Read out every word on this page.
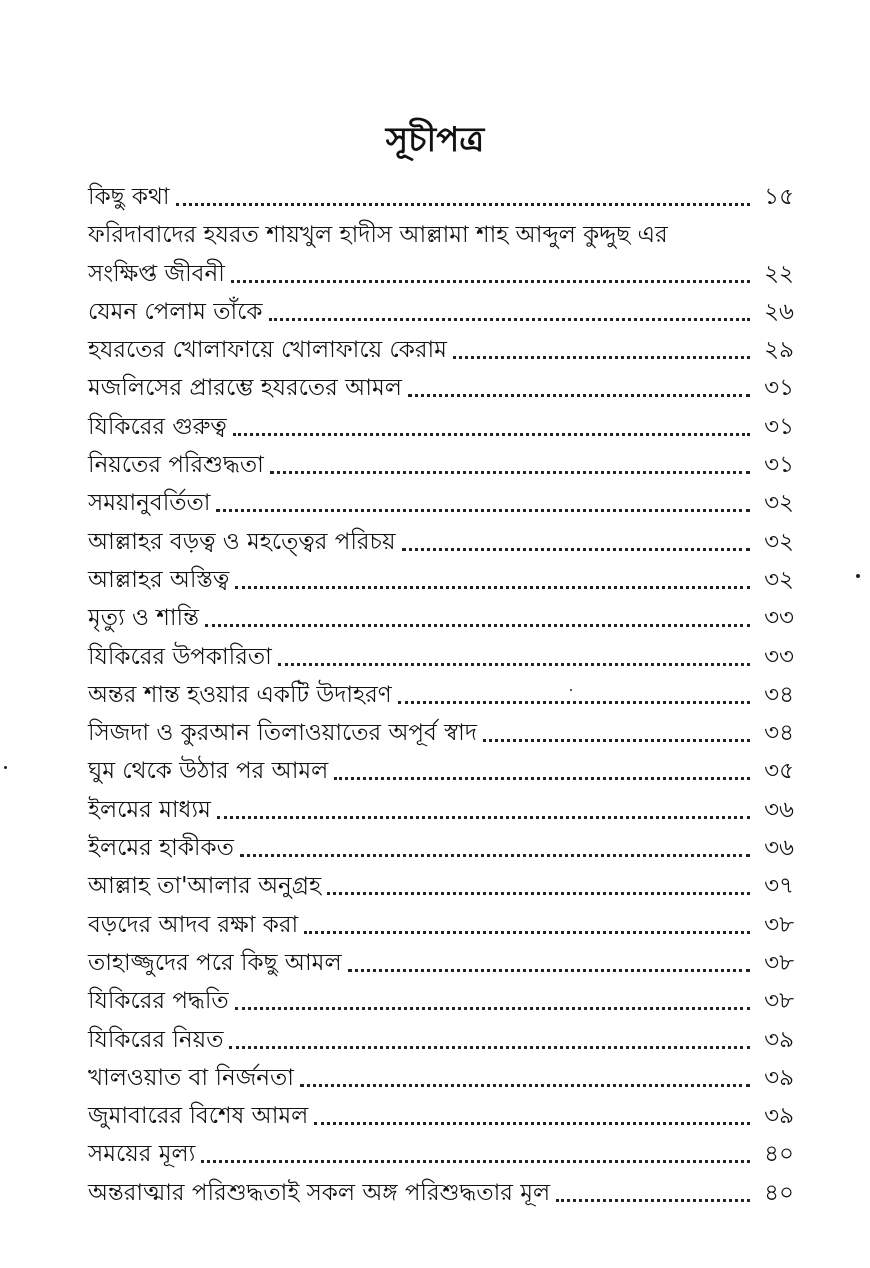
সূচীপত্র
কিছু কথা	১৫
ফরিদাবাদের হযরত শায়খুল হাদীস আল্লামা শাহ আব্দুল কুদ্দুছ এর
সংক্ষিপ্ত জীবনী	২২
যেমন পেলাম তাঁকে	২৬
হযরতের খোলাফায়ে খোলাফায়ে কেরাম	২৯
মজলিসের প্রারম্ভে হযরতের আমল	৩১
যিকিরের গুরুত্ব	৩১
নিয়তের পরিশুদ্ধতা	৩১
সময়ানুবর্তিতা	৩২
আল্লাহর বড়ত্ব ও মহত্ত্বের পরিচয়	৩২
আল্লাহর অস্তিত্ব	৩২
মৃত্যু ও শান্তি	৩৩
যিকিরের উপকারিতা	৩৩
অন্তর শান্ত হওয়ার একটি উদাহরণ	৩৪
সিজদা ও কুরআন তিলাওয়াতের অপূর্ব স্বাদ	৩৪
ঘুম থেকে উঠার পর আমল	৩৫
ইলমের মাধ্যম	৩৬
ইলমের হাকীকত	৩৬
আল্লাহ তা'আলার অনুগ্রহ	৩৭
বড়দের আদব রক্ষা করা	৩৮
তাহাজ্জুদের পরে কিছু আমল	৩৮
যিকিরের পদ্ধতি	৩৮
যিকিরের নিয়ত	৩৯
খালওয়াত বা নির্জনতা	৩৯
জুমাবারের বিশেষ আমল	৩৯
সময়ের মূল্য	৪০
অন্তরাত্মার পরিশুদ্ধতাই সকল অঙ্গ পরিশুদ্ধতার মূল	৪০
